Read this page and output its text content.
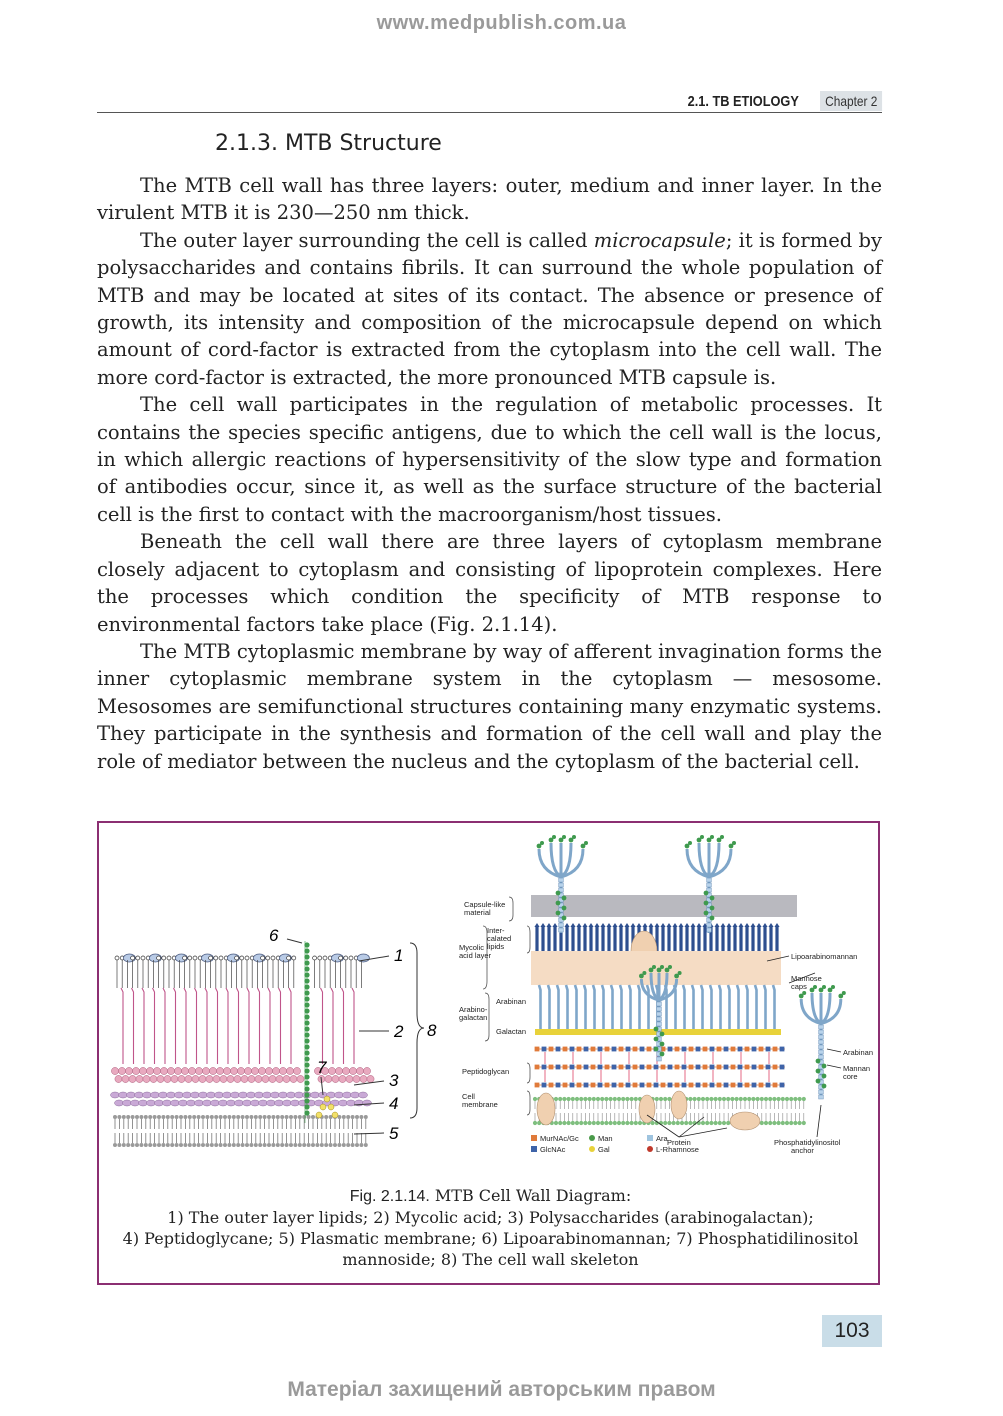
www.medpublish.com.ua
2.1. TB ETIOLOGY	Chapter 2
2.1.3. MTB Structure

The MTB cell wall has three layers: outer, medium and inner layer. In the virulent MTB it is 230—250 nm thick.

The outer layer surrounding the cell is called microcapsule; it is formed by polysaccharides and contains fibrils. It can surround the whole population of MTB and may be located at sites of its contact. The absence or presence of growth, its intensity and composition of the microcapsule depend on which amount of cord-factor is extracted from the cytoplasm into the cell wall. The more cord-factor is extracted, the more pronounced MTB capsule is.

The cell wall participates in the regulation of metabolic processes. It contains the species specific antigens, due to which the cell wall is the locus, in which allergic reactions of hypersensitivity of the slow type and formation of antibodies occur, since it, as well as the surface structure of the bacterial cell is the first to contact with the macroorganism/host tissues.

Beneath the cell wall there are three layers of cytoplasm membrane closely adjacent to cytoplasm and consisting of lipoprotein complexes. Here the processes which condition the specificity of MTB response to environmental factors take place (Fig. 2.1.14).

The MTB cytoplasmic membrane by way of afferent invagination forms the inner cytoplasmic membrane system in the cytoplasm — mesosome. Mesosomes are semifunctional structures containing many enzymatic systems. They participate in the synthesis and formation of the cell wall and play the role of mediator between the nucleus and the cytoplasm of the bacterial cell.

1
2
3
4
5
6
7
8
Capsule-like
material
Inter-
calated
lipids
Mycolic
acid layer
Arabino-
galactan
Arabinan
Galactan
Peptidoglycan
Cell
membrane
Lipoarabinomannan
Mannose
caps
Arabinan
Mannan
core
Protein	Phosphatidylinositol
anchor
MurNAc/Gc	Man	Ara
GlcNAc	Gal	L-Rhamnose
Fig. 2.1.14. MTB Cell Wall Diagram:
1) The outer layer lipids; 2) Mycolic acid; 3) Polysaccharides (arabinogalactan);
4) Peptidoglycane; 5) Plasmatic membrane; 6) Lipoarabinomannan; 7) Phosphatidilinositol
mannoside; 8) The cell wall skeleton
103
Матеріал захищений авторським правом
